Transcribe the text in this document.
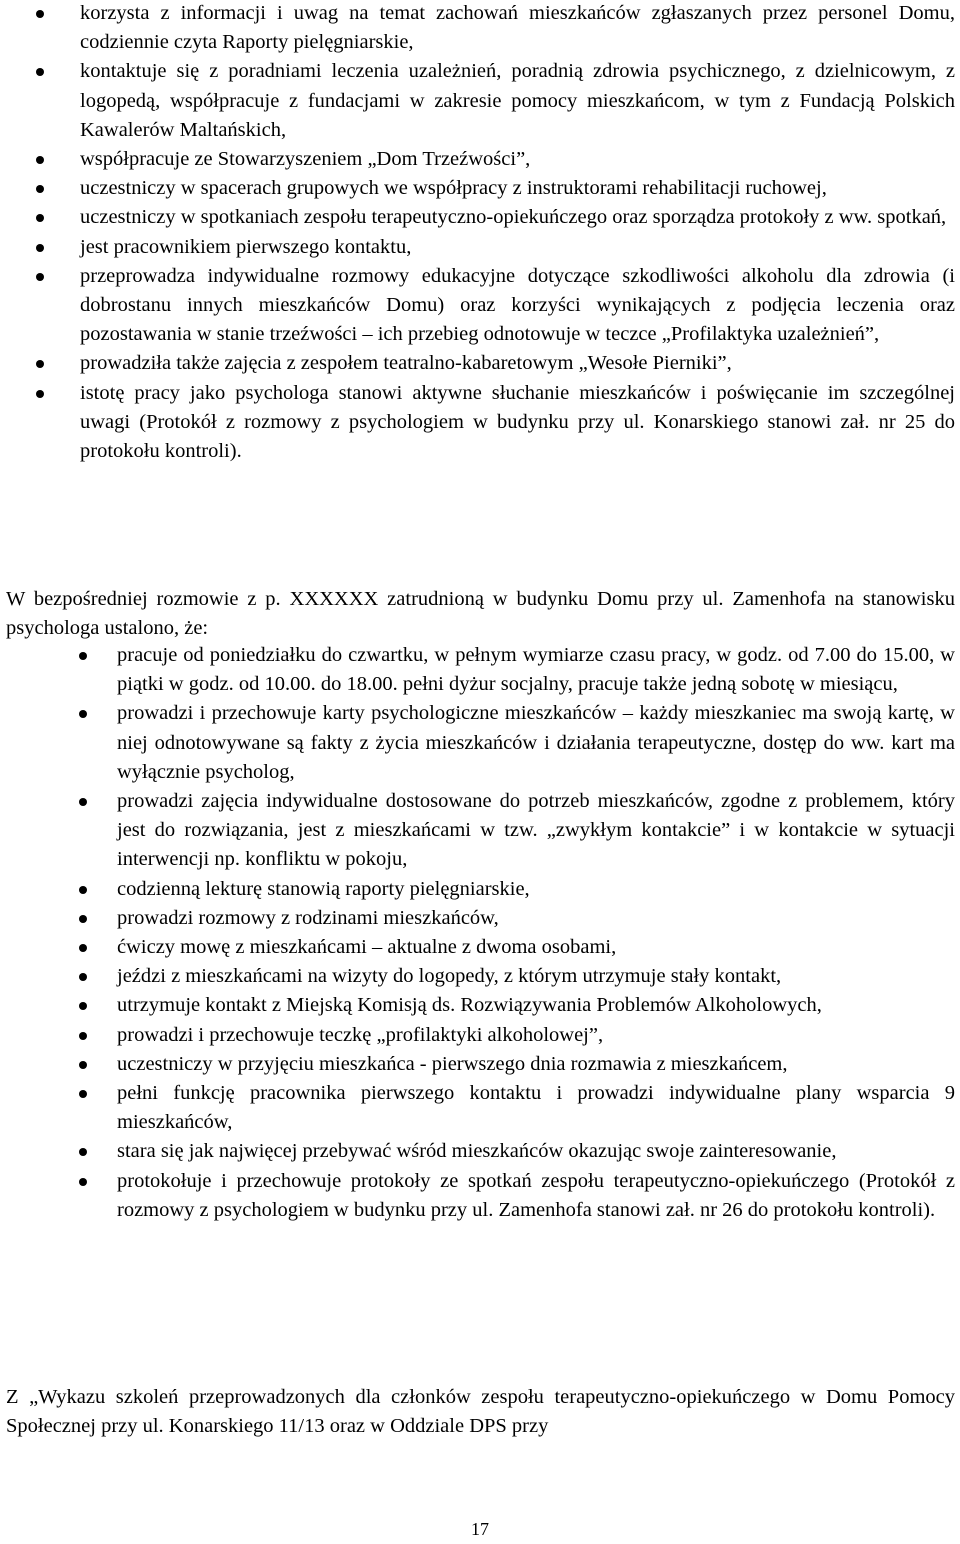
korzysta z informacji i uwag na temat zachowań mieszkańców zgłaszanych przez personel Domu, codziennie czyta Raporty pielęgniarskie,
kontaktuje się z poradniami leczenia uzależnień, poradnią zdrowia psychicznego, z dzielnicowym, z logopedą, współpracuje z fundacjami w zakresie pomocy mieszkańcom, w tym z Fundacją Polskich Kawalerów Maltańskich,
współpracuje ze Stowarzyszeniem „Dom Trzeźwości”,
uczestniczy w spacerach grupowych we współpracy z instruktorami rehabilitacji ruchowej,
uczestniczy w spotkaniach zespołu terapeutyczno-opiekuńczego oraz sporządza protokoły z ww. spotkań,
jest pracownikiem pierwszego kontaktu,
przeprowadza indywidualne rozmowy edukacyjne dotyczące szkodliwości alkoholu dla zdrowia (i dobrostanu innych mieszkańców Domu) oraz korzyści wynikających z podjęcia leczenia oraz pozostawania w stanie trzeźwości – ich przebieg odnotowuje w teczce „Profilaktyka uzależnień”,
prowadziła także zajęcia z zespołem teatralno-kabaretowym „Wesołe Pierniki”,
istotę pracy jako psychologa stanowi aktywne słuchanie mieszkańców i poświęcanie im szczególnej uwagi (Protokół z rozmowy z psychologiem w budynku przy ul. Konarskiego stanowi zał. nr 25 do protokołu kontroli).

W bezpośredniej rozmowie z p. XXXXXX zatrudnioną w budynku Domu przy ul. Zamenhofa na stanowisku psychologa ustalono, że:

pracuje od poniedziałku do czwartku, w pełnym wymiarze czasu pracy, w godz. od 7.00 do 15.00, w piątki w godz. od 10.00. do 18.00. pełni dyżur socjalny, pracuje także jedną sobotę w miesiącu,
prowadzi i przechowuje karty psychologiczne mieszkańców – każdy mieszkaniec ma swoją kartę, w niej odnotowywane są fakty z życia mieszkańców i działania terapeutyczne, dostęp do ww. kart ma wyłącznie psycholog,
prowadzi zajęcia indywidualne dostosowane do potrzeb mieszkańców, zgodne z problemem, który jest do rozwiązania, jest z mieszkańcami w tzw. „zwykłym kontakcie” i w kontakcie w sytuacji interwencji np. konfliktu w pokoju,
codzienną lekturę stanowią raporty pielęgniarskie,
prowadzi rozmowy z rodzinami mieszkańców,
ćwiczy mowę z mieszkańcami – aktualne z dwoma osobami,
jeździ z mieszkańcami na wizyty do logopedy, z którym utrzymuje stały kontakt,
utrzymuje kontakt z Miejską Komisją ds. Rozwiązywania Problemów Alkoholowych,
prowadzi i przechowuje teczkę „profilaktyki alkoholowej”,
uczestniczy w przyjęciu mieszkańca - pierwszego dnia rozmawia z mieszkańcem,
pełni funkcję pracownika pierwszego kontaktu i prowadzi indywidualne plany wsparcia 9 mieszkańców,
stara się jak najwięcej przebywać wśród mieszkańców okazując swoje zainteresowanie,
protokołuje i przechowuje protokoły ze spotkań zespołu terapeutyczno-opiekuńczego (Protokół z rozmowy z psychologiem w budynku przy ul. Zamenhofa stanowi zał. nr 26 do protokołu kontroli).

Z „Wykazu szkoleń przeprowadzonych dla członków zespołu terapeutyczno-opiekuńczego w Domu Pomocy Społecznej przy ul. Konarskiego 11/13 oraz w Oddziale DPS przy

17
